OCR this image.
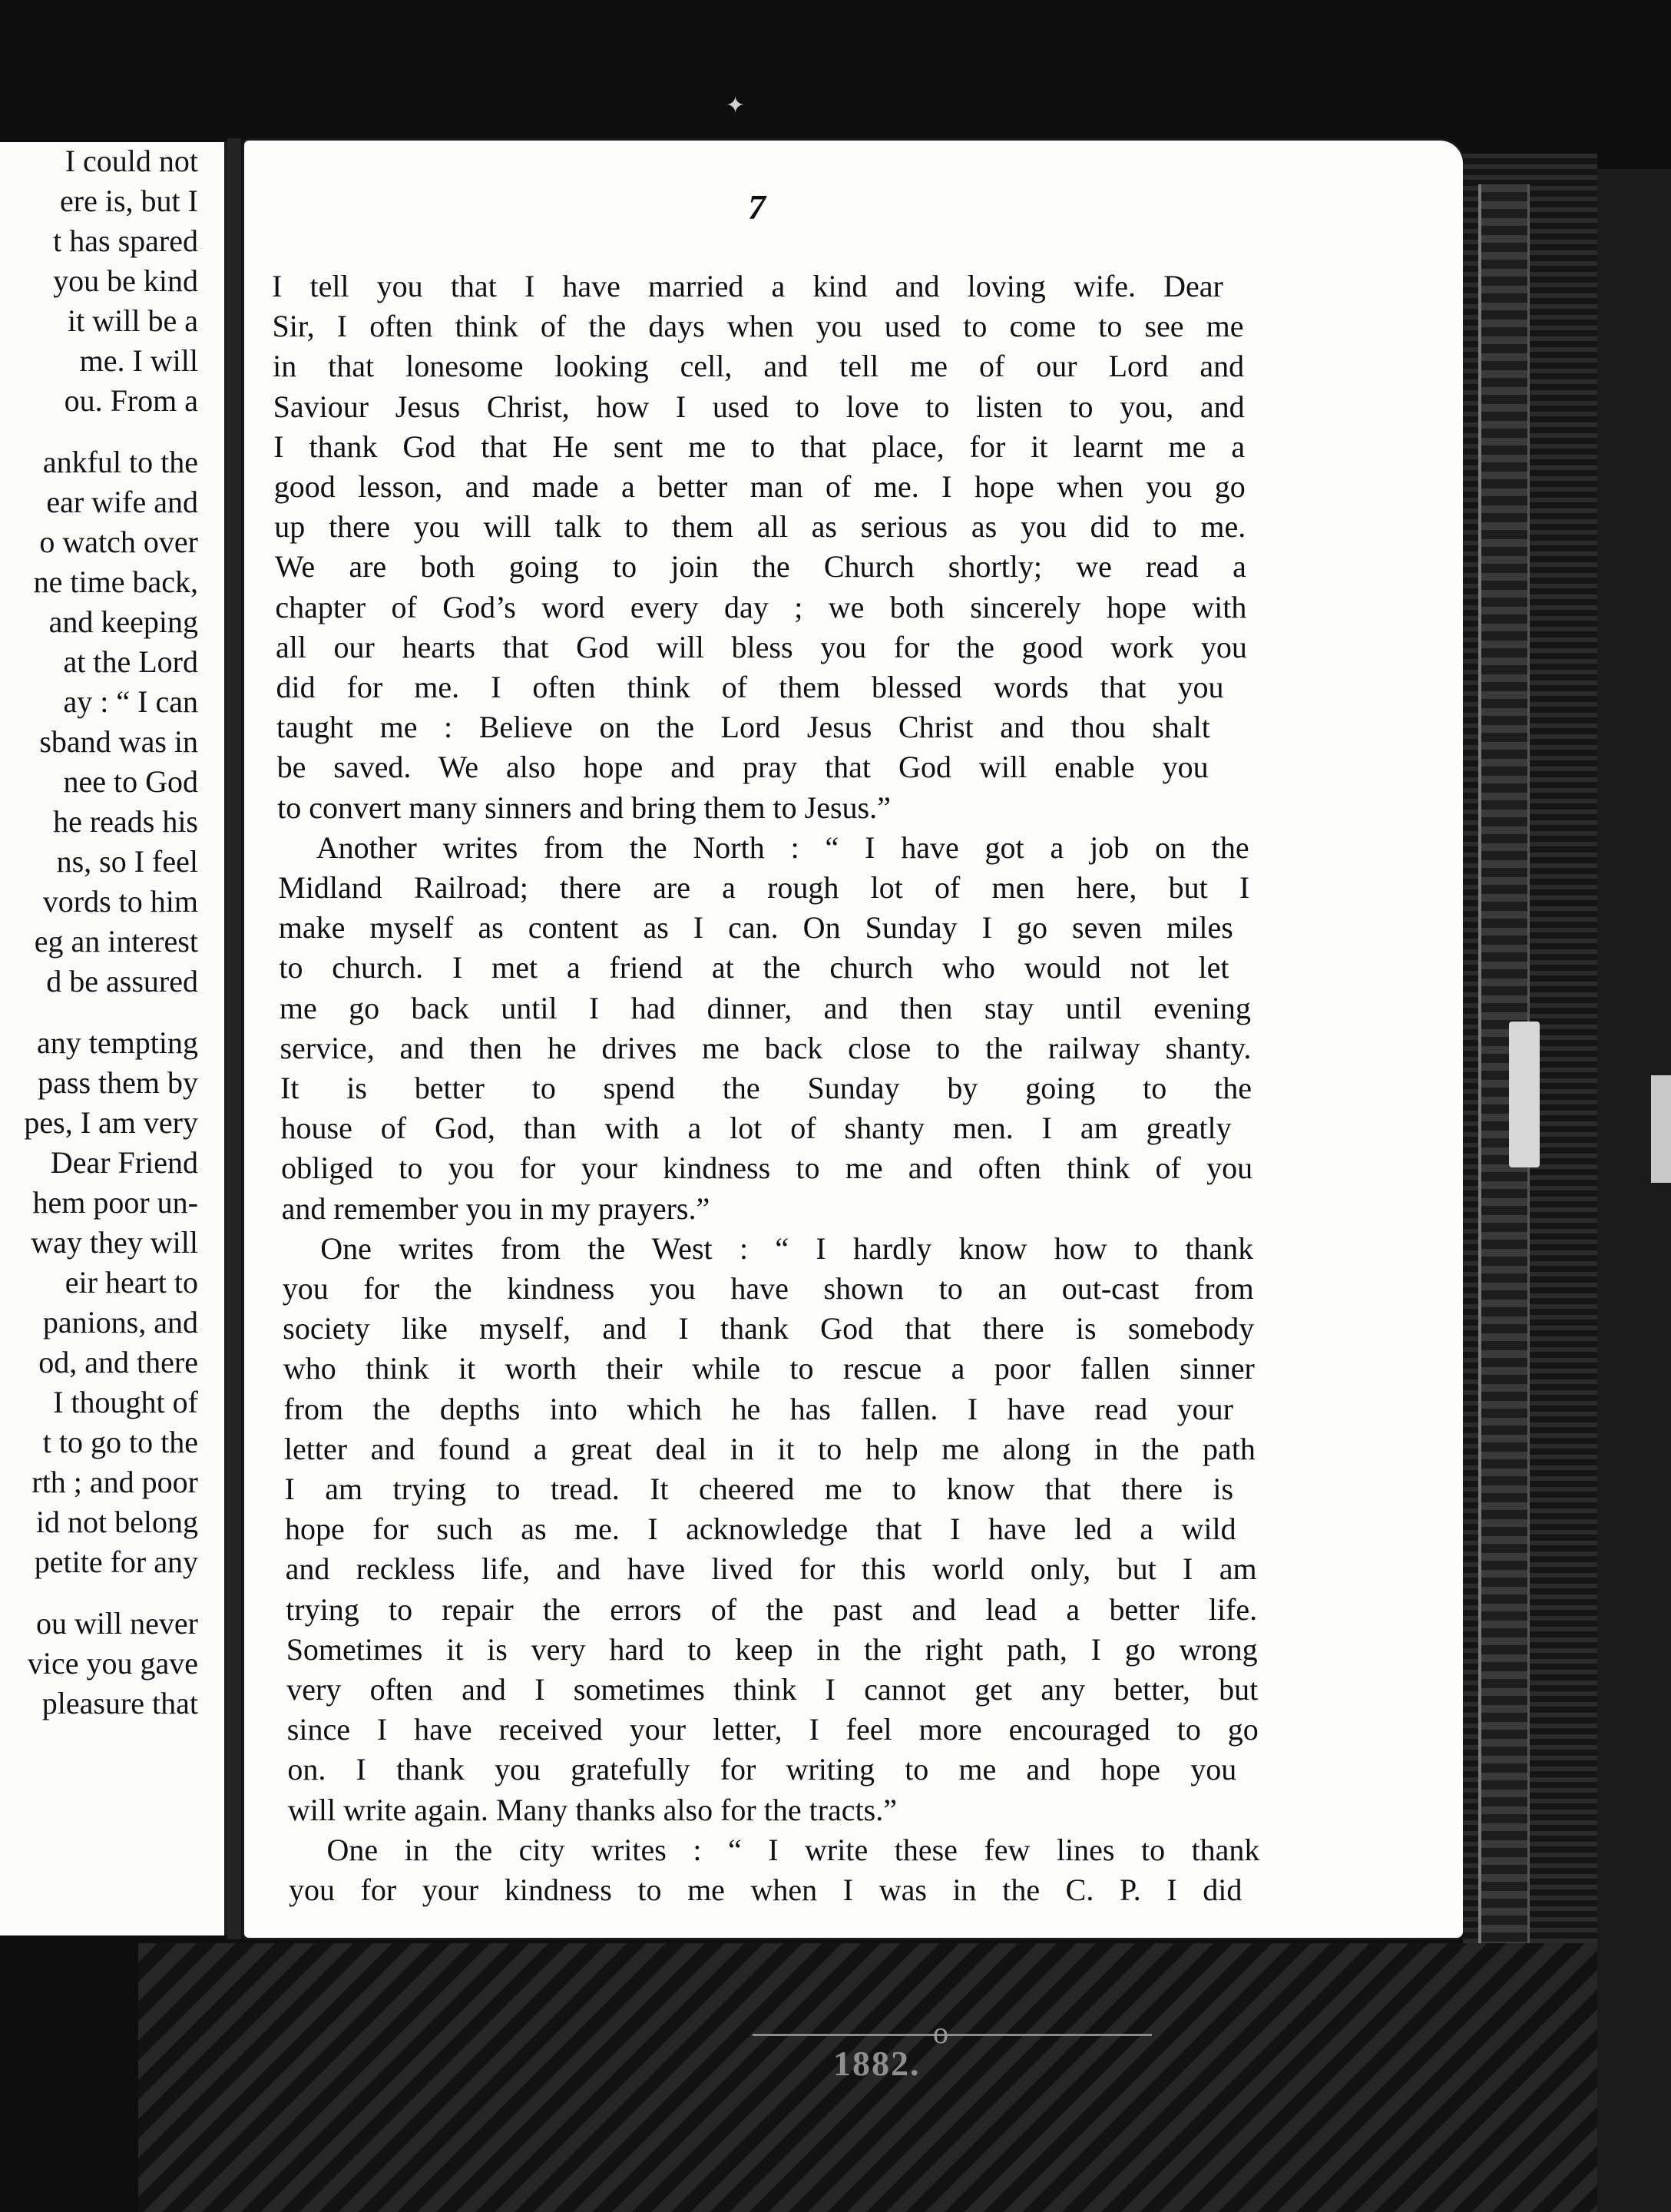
✦
I could not
ere is, but I
t has spared
you be kind
it will be a
me. I will
ou. From a
ankful to the
ear wife and
o watch over
ne time back,
and keeping
at the Lord
ay : “ I can
sband was in
nee to God
he reads his
ns, so I feel
vords to him
eg an interest
d be assured
any tempting
pass them by
pes, I am very
Dear Friend
hem poor un-
way they will
eir heart to
panions, and
od, and there
I thought of
t to go to the
rth ; and poor
id not belong
petite for any
ou will never
vice you gave
pleasure that
7
I tell you that I have married a kind and loving wife. Dear
Sir, I often think of the days when you used to come to see me
in that lonesome looking cell, and tell me of our Lord and
Saviour Jesus Christ, how I used to love to listen to you, and
I thank God that He sent me to that place, for it learnt me a
good lesson, and made a better man of me. I hope when you go
up there you will talk to them all as serious as you did to me.
We are both going to join the Church shortly; we read a
chapter of God’s word every day ; we both sincerely hope with
all our hearts that God will bless you for the good work you
did for me. I often think of them blessed words that you
taught me : Believe on the Lord Jesus Christ and thou shalt
be saved. We also hope and pray that God will enable you
to convert many sinners and bring them to Jesus.”
Another writes from the North : “ I have got a job on the
Midland Railroad; there are a rough lot of men here, but I
make myself as content as I can. On Sunday I go seven miles
to church. I met a friend at the church who would not let
me go back until I had dinner, and then stay until evening
service, and then he drives me back close to the railway shanty.
It is better to spend the Sunday by going to the
house of God, than with a lot of shanty men. I am greatly
obliged to you for your kindness to me and often think of you
and remember you in my prayers.”
One writes from the West : “ I hardly know how to thank
you for the kindness you have shown to an out-cast from
society like myself, and I thank God that there is somebody
who think it worth their while to rescue a poor fallen sinner
from the depths into which he has fallen. I have read your
letter and found a great deal in it to help me along in the path
I am trying to tread. It cheered me to know that there is
hope for such as me. I acknowledge that I have led a wild
and reckless life, and have lived for this world only, but I am
trying to repair the errors of the past and lead a better life.
Sometimes it is very hard to keep in the right path, I go wrong
very often and I sometimes think I cannot get any better, but
since I have received your letter, I feel more encouraged to go
on. I thank you gratefully for writing to me and hope you
will write again. Many thanks also for the tracts.”
One in the city writes : “ I write these few lines to thank
you for your kindness to me when I was in the C. P. I did
o
1882.
